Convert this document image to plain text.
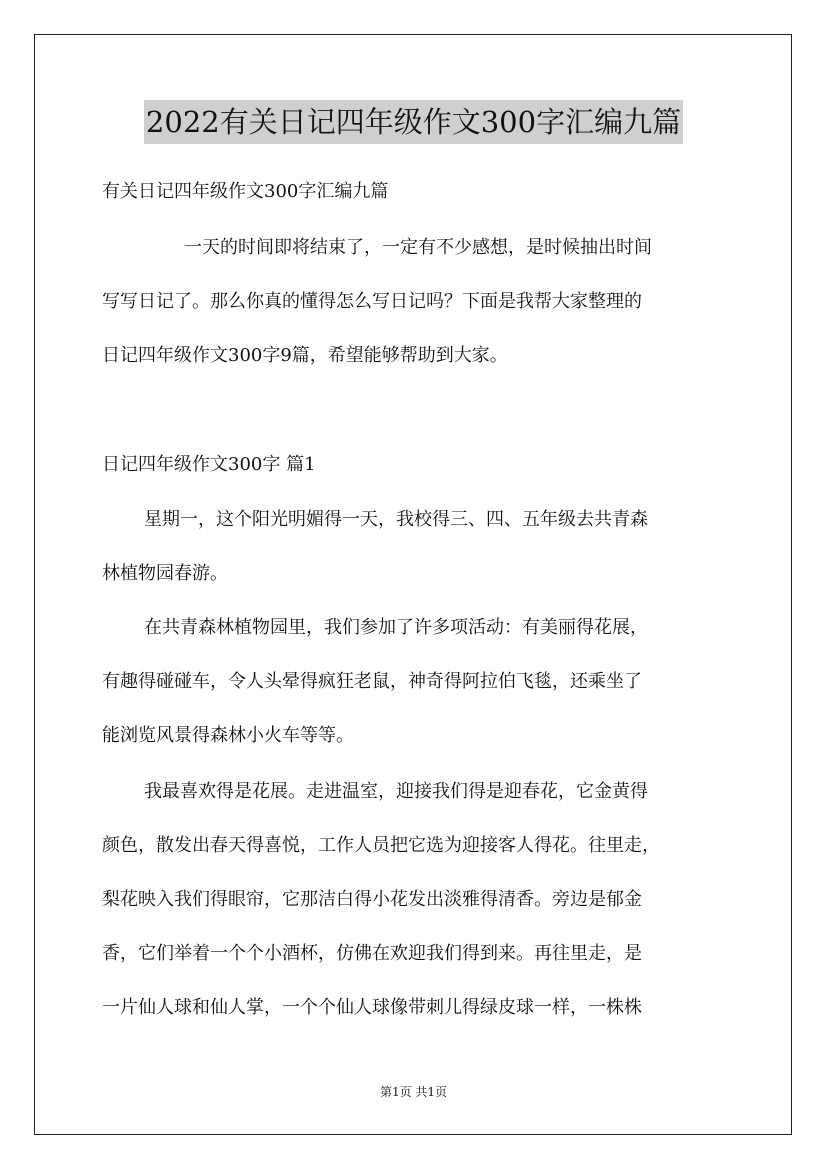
2022有关日记四年级作文300字汇编九篇
有关日记四年级作文300字汇编九篇
一天的时间即将结束了，一定有不少感想，是时候抽出时间
写写日记了。那么你真的懂得怎么写日记吗？下面是我帮大家整理的
日记四年级作文300字9篇，希望能够帮助到大家。
日记四年级作文300字 篇1
星期一，这个阳光明媚得一天，我校得三、四、五年级去共青森
林植物园春游。
在共青森林植物园里，我们参加了许多项活动：有美丽得花展，
有趣得碰碰车，令人头晕得疯狂老鼠，神奇得阿拉伯飞毯，还乘坐了
能浏览风景得森林小火车等等。
我最喜欢得是花展。走进温室，迎接我们得是迎春花，它金黄得
颜色，散发出春天得喜悦，工作人员把它选为迎接客人得花。往里走，
梨花映入我们得眼帘，它那洁白得小花发出淡雅得清香。旁边是郁金
香，它们举着一个个小酒杯，仿佛在欢迎我们得到来。再往里走，是
一片仙人球和仙人掌，一个个仙人球像带刺儿得绿皮球一样，一株株
第1页 共1页
